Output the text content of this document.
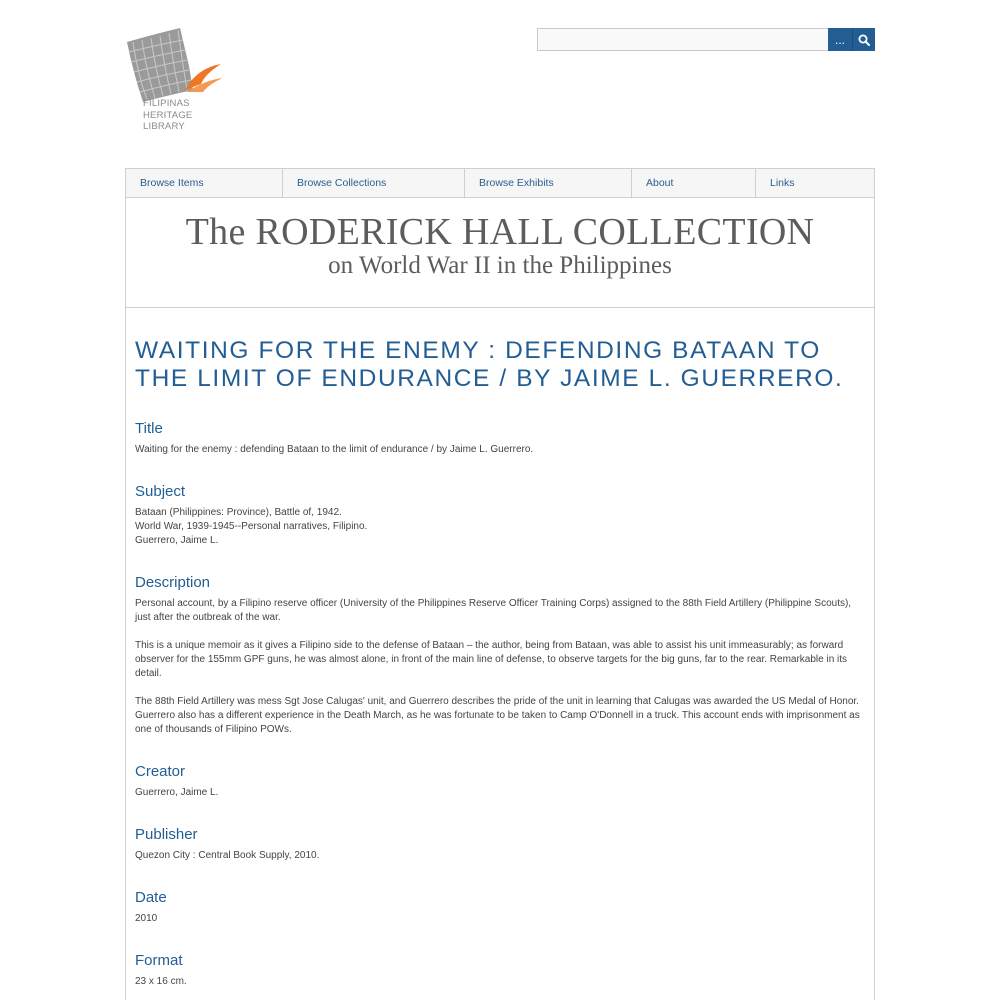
FILIPINAS
HERITAGE
LIBRARY
...
Browse Items	Browse Collections	Browse Exhibits	About	Links
The RODERICK HALL COLLECTION
on World War II in the Philippines
WAITING FOR THE ENEMY : DEFENDING BATAAN TO THE LIMIT OF ENDURANCE / BY JAIME L. GUERRERO.
Title
Waiting for the enemy : defending Bataan to the limit of endurance / by Jaime L. Guerrero.
Subject
Bataan (Philippines: Province), Battle of, 1942.
World War, 1939-1945--Personal narratives, Filipino.
Guerrero, Jaime L.
Description

Personal account, by a Filipino reserve officer (University of the Philippines Reserve Officer Training Corps) assigned to the 88th Field Artillery (Philippine Scouts), just after the outbreak of the war.

This is a unique memoir as it gives a Filipino side to the defense of Bataan – the author, being from Bataan, was able to assist his unit immeasurably; as forward observer for the 155mm GPF guns, he was almost alone, in front of the main line of defense, to observe targets for the big guns, far to the rear. Remarkable in its detail.

The 88th Field Artillery was mess Sgt Jose Calugas' unit, and Guerrero describes the pride of the unit in learning that Calugas was awarded the US Medal of Honor. Guerrero also has a different experience in the Death March, as he was fortunate to be taken to Camp O'Donnell in a truck. This account ends with imprisonment as one of thousands of Filipino POWs.

Creator
Guerrero, Jaime L.
Publisher
Quezon City : Central Book Supply, 2010.
Date
2010
Format
23 x 16 cm.
